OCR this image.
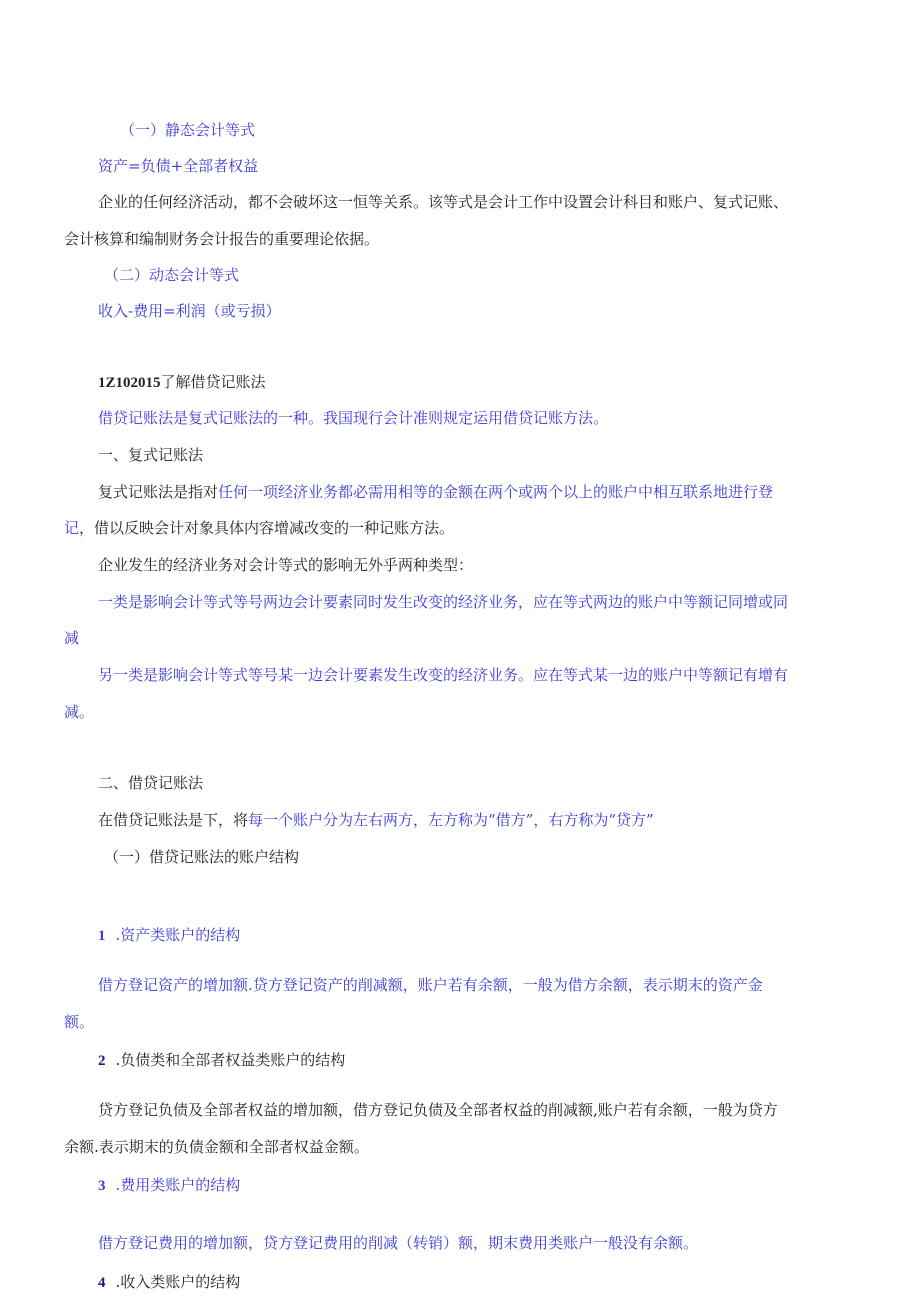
（一）静态会计等式
资产=负债+全部者权益
企业的任何经济活动，都不会破坏这一恒等关系。该等式是会计工作中设置会计科目和账户、复式记账、
会计核算和编制财务会计报告的重要理论依据。
（二）动态会计等式
收入-费用=利润（或亏损）
1Z102015了解借贷记账法
借贷记账法是复式记账法的一种。我国现行会计准则规定运用借贷记账方法。
一、复式记账法
复式记账法是指对任何一项经济业务都必需用相等的金额在两个或两个以上的账户中相互联系地进行登
记，借以反映会计对象具体内容增减改变的一种记账方法。
企业发生的经济业务对会计等式的影响无外乎两种类型：
一类是影响会计等式等号两边会计要素同时发生改变的经济业务，应在等式两边的账户中等额记同增或同
减
另一类是影响会计等式等号某一边会计要素发生改变的经济业务。应在等式某一边的账户中等额记有增有
减。
二、借贷记账法
在借贷记账法是下，将每一个账户分为左右两方，左方称为“借方”，右方称为“贷方”
（一）借贷记账法的账户结构
1 .资产类账户的结构
借方登记资产的增加额.贷方登记资产的削减额，账户若有余额，一般为借方余额，表示期末的资产金
额。
2 .负债类和全部者权益类账户的结构
贷方登记负债及全部者权益的增加额，借方登记负债及全部者权益的削减额,账户若有余额，一般为贷方
余额.表示期末的负债金额和全部者权益金额。
3 .费用类账户的结构
借方登记费用的增加额，贷方登记费用的削减（转销）额，期末费用类账户一般没有余额。
4 .收入类账户的结构
